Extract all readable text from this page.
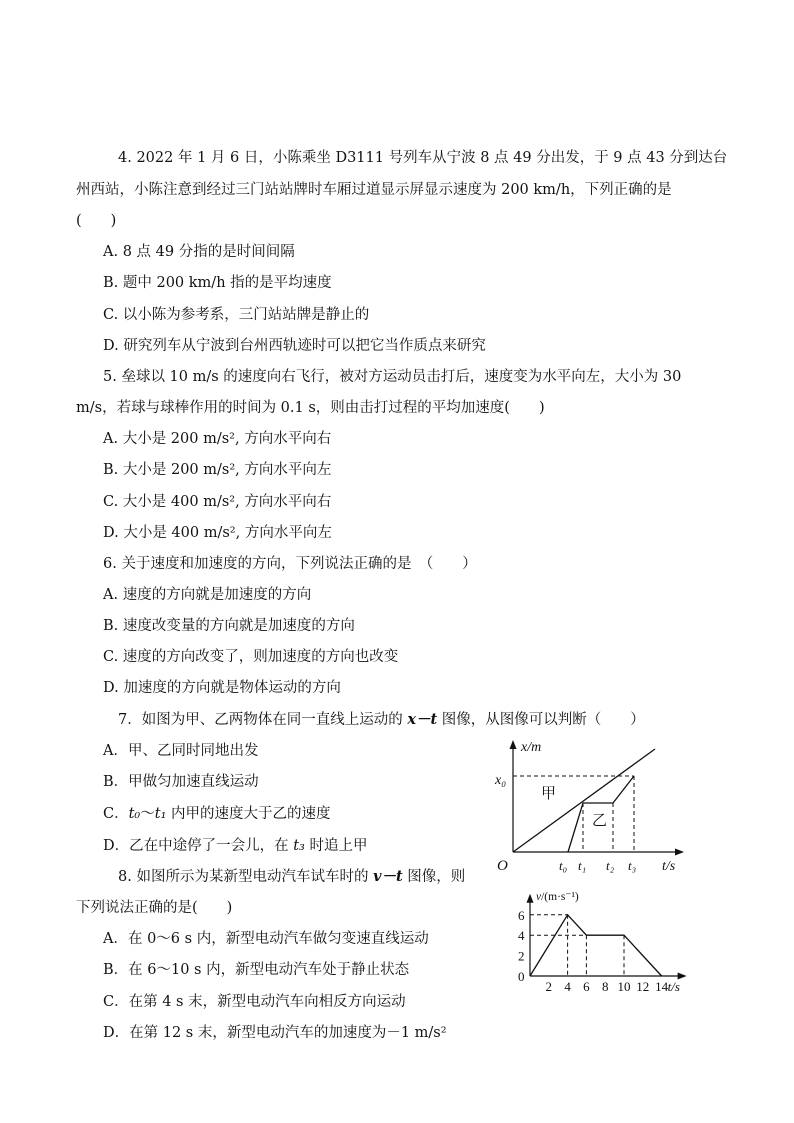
4. 2022 年 1 月 6 日，小陈乘坐 D3111 号列车从宁波 8 点 49 分出发，于 9 点 43 分到达台
州西站，小陈注意到经过三门站站牌时车厢过道显示屏显示速度为 200 km/h，下列正确的是
(　　)
A. 8 点 49 分指的是时间间隔
B. 题中 200 km/h 指的是平均速度
C. 以小陈为参考系，三门站站牌是静止的
D. 研究列车从宁波到台州西轨迹时可以把它当作质点来研究
5. 垒球以 10 m/s 的速度向右飞行，被对方运动员击打后，速度变为水平向左，大小为 30
m/s，若球与球棒作用的时间为 0.1 s，则由击打过程的平均加速度(　　)
A. 大小是 200 m/s², 方向水平向右
B. 大小是 200 m/s², 方向水平向左
C. 大小是 400 m/s², 方向水平向右
D. 大小是 400 m/s², 方向水平向左
6. 关于速度和加速度的方向，下列说法正确的是　（　　）
A. 速度的方向就是加速度的方向
B. 速度改变量的方向就是加速度的方向
C. 速度的方向改变了，则加速度的方向也改变
D. 加速度的方向就是物体运动的方向
7．如图为甲、乙两物体在同一直线上运动的 x－t 图像，从图像可以判断（　　）
A．甲、乙同时同地出发
B．甲做匀加速直线运动
C．t₀～t₁ 内甲的速度大于乙的速度
D．乙在中途停了一会儿，在 t₃ 时追上甲
8. 如图所示为某新型电动汽车试车时的 v－t 图像，则
下列说法正确的是(　　)
A．在 0～6 s 内，新型电动汽车做匀变速直线运动
B．在 6～10 s 内，新型电动汽车处于静止状态
C．在第 4 s 末，新型电动汽车向相反方向运动
D．在第 12 s 末，新型电动汽车的加速度为－1 m/s²
x/m
t/s
O
x₀
甲
乙
t₀ t₁ t₂ t₃
0
2
4
6
2 4 6 8 10 12 14
v/(m·s⁻¹)
t/s
